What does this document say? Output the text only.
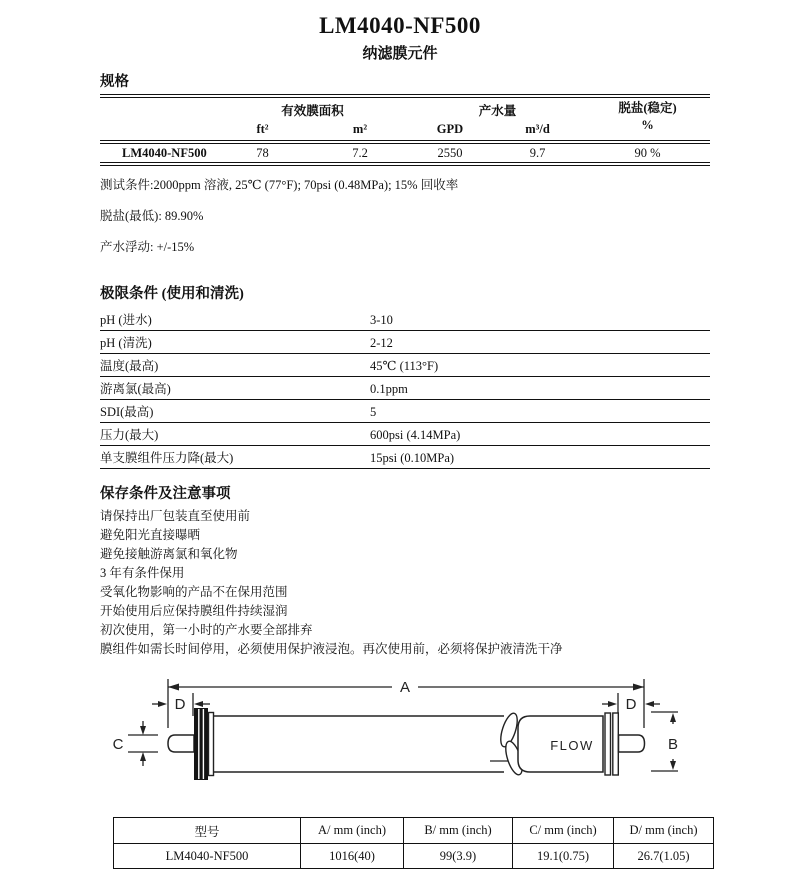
LM4040-NF500
纳滤膜元件
规格
有效膜面积	产水量	脱盐(稳定)
%
ft²	m²	GPD	m³/d
LM4040-NF500	78	7.2	2550	9.7	90 %
测试条件:2000ppm 溶液, 25℃ (77°F); 70psi (0.48MPa); 15% 回收率
脱盐(最低): 89.90%
产水浮动: +/-15%
极限条件 (使用和清洗)
pH (进水)	3-10
pH (清洗)	2-12
温度(最高)	45℃ (113°F)
游离氯(最高)	0.1ppm
SDI(最高)	5
压力(最大)	600psi (4.14MPa)
单支膜组件压力降(最大)	15psi (0.10MPa)
保存条件及注意事项
请保持出厂包装直至使用前
避免阳光直接曝晒
避免接触游离氯和氧化物
3 年有条件保用
受氧化物影响的产品不在保用范围
开始使用后应保持膜组件持续湿润
初次使用，第一小时的产水要全部排弃
膜组件如需长时间停用，必须使用保护液浸泡。再次使用前，必须将保护液清洗干净
A
D	D
C	B
FLOW
型号	A/ mm (inch)	B/ mm (inch)	C/ mm (inch)	D/ mm (inch)
LM4040-NF500	1016(40)	99(3.9)	19.1(0.75)	26.7(1.05)
